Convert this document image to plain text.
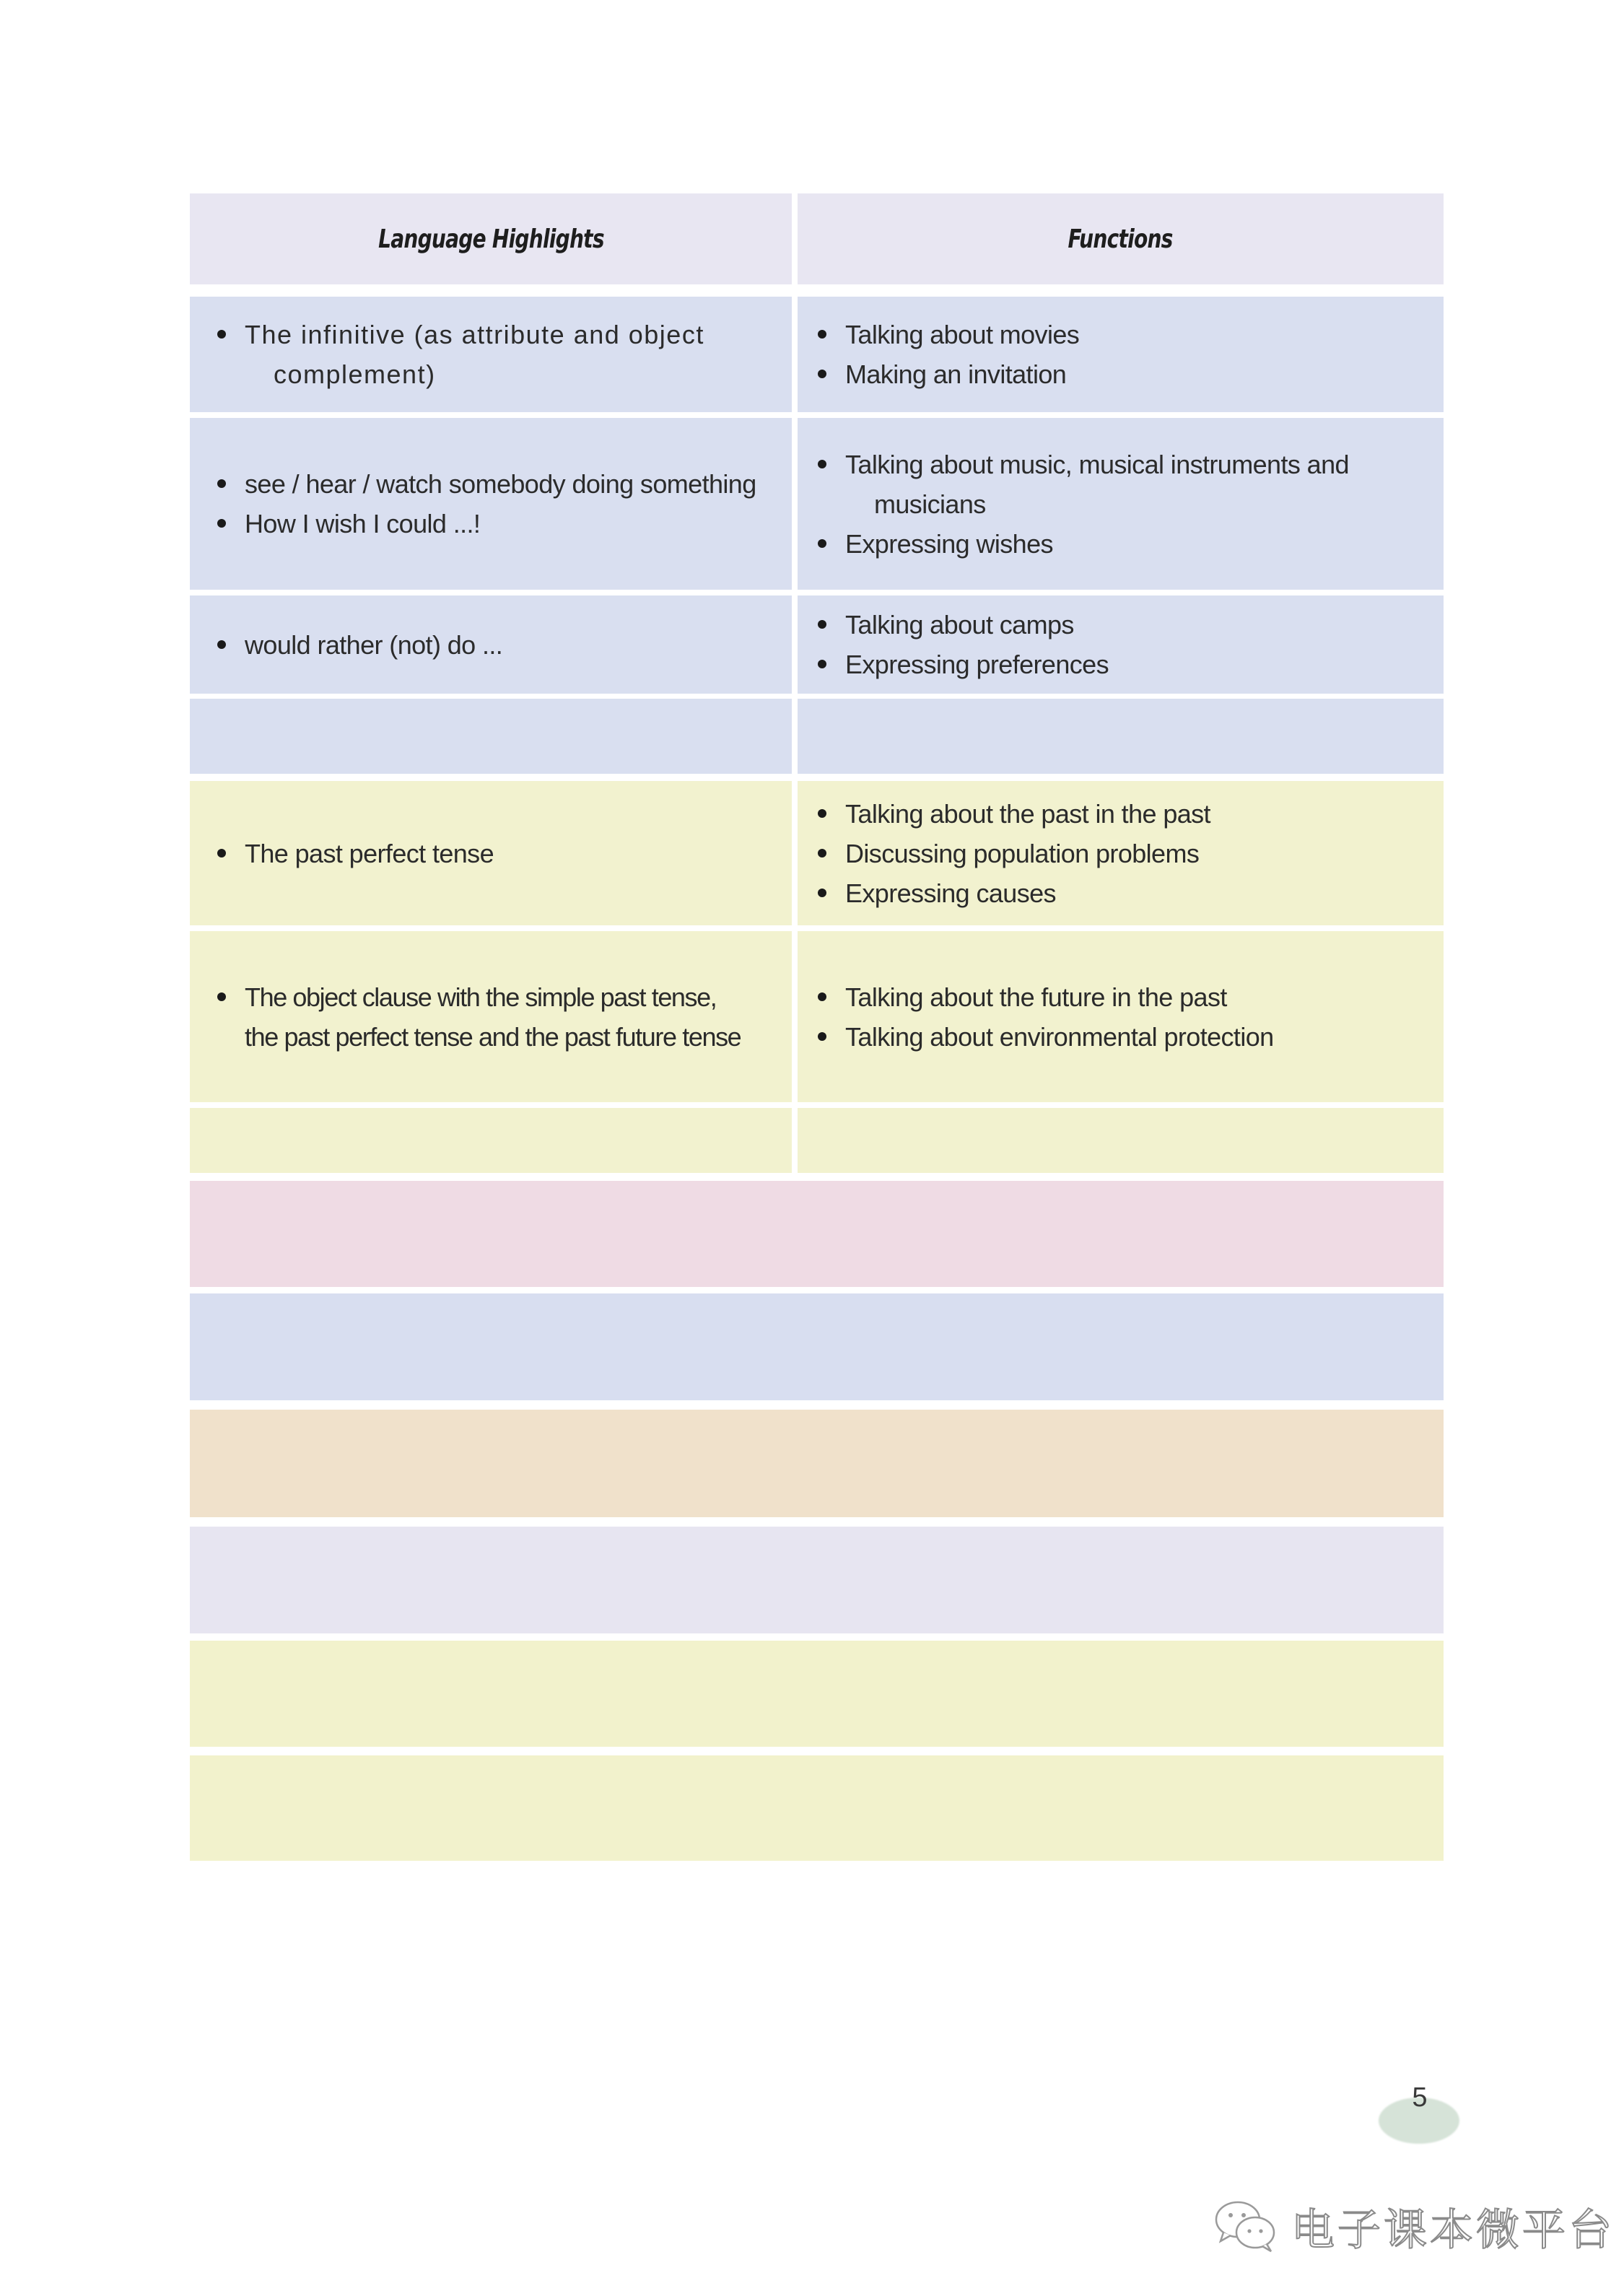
Language Highlights	Functions
The infinitive (as attribute and object
complement)
Talking about movies
Making an invitation
see / hear / watch somebody doing something
How I wish I could ...!
Talking about music, musical instruments and
musicians
Expressing wishes
would rather (not) do ...
Talking about camps
Expressing preferences
The past perfect tense
Talking about the past in the past
Discussing population problems
Expressing causes
The object clause with the simple past tense,
the past perfect tense and the past future tense
Talking about the future in the past
Talking about environmental protection
5
电子课本微平台
